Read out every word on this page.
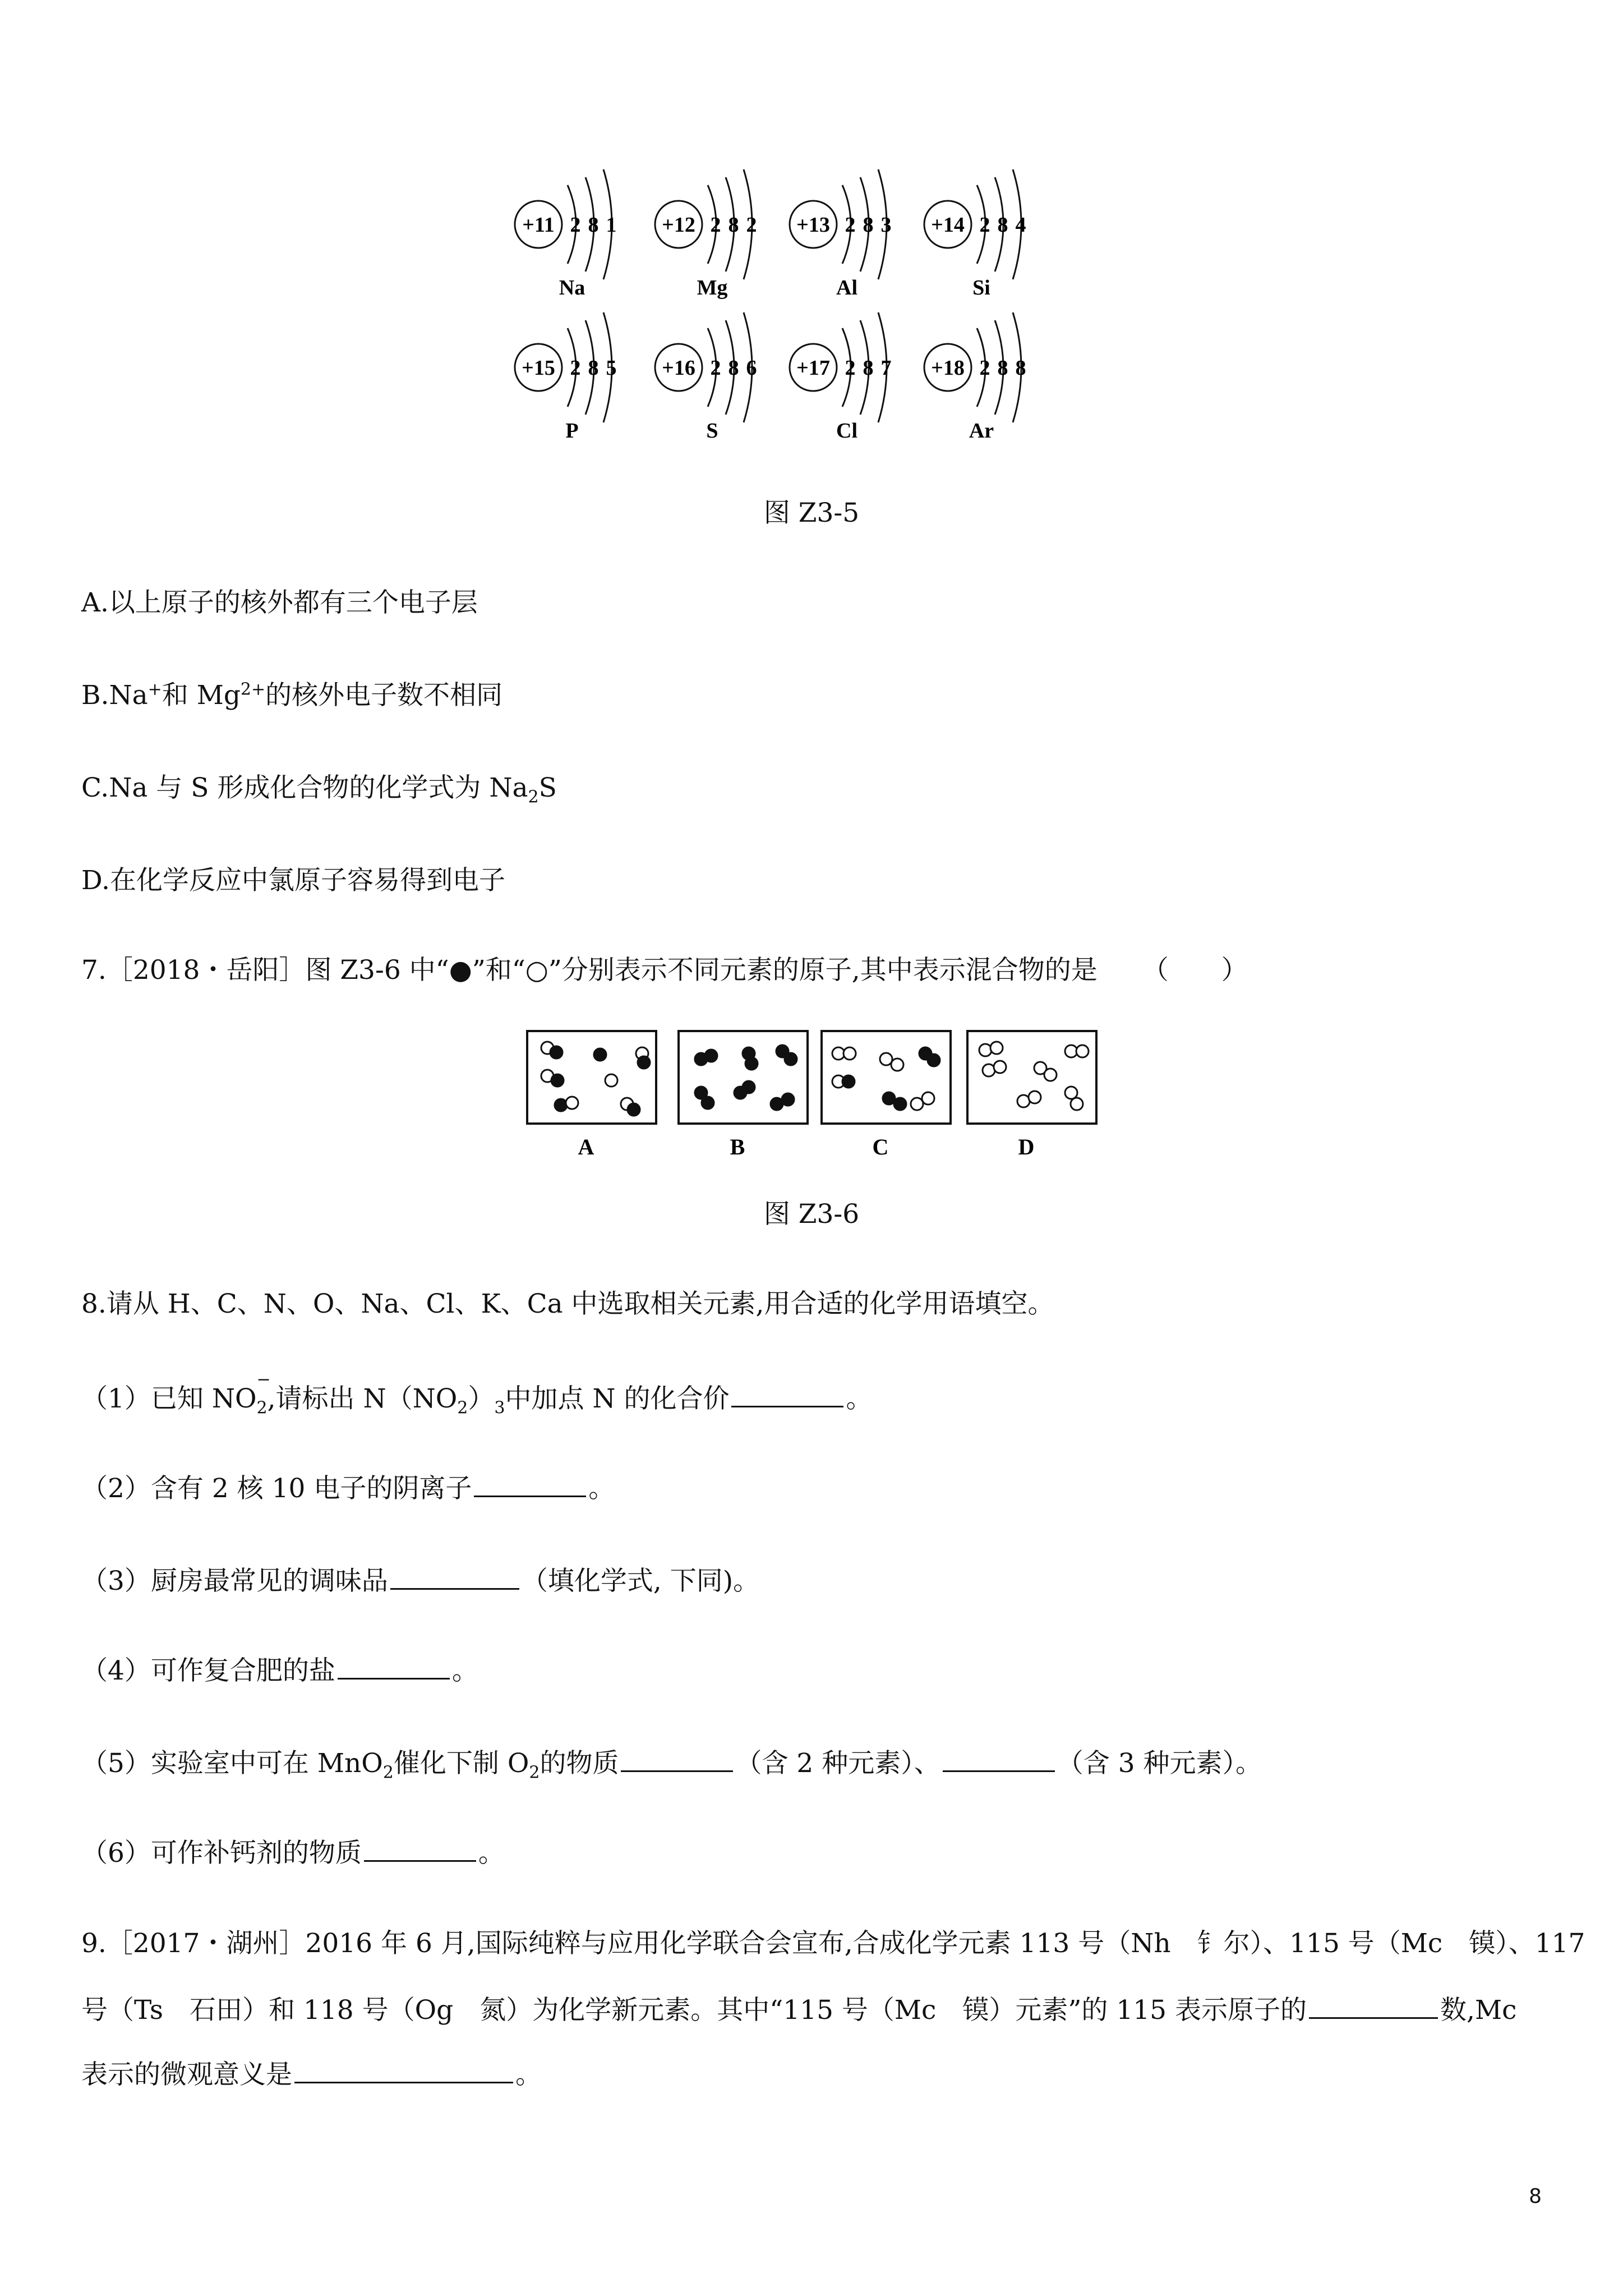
+11 2 8 1
Na
+12 2 8 2
Mg
+13 2 8 3
Al
+14 2 8 4
Si
+15 2 8 5
P
+16 2 8 6
S
+17 2 8 7
Cl
+18 2 8 8
Ar
图 Z3-5
A.以上原子的核外都有三个电子层
B.Na+和 $Mg^{2+}$的核外电子数不相同
C.Na 与 S 形成化合物的化学式为 $Na_2S$
D.在化学反应中氯原子容易得到电子
7.［2018・岳阳］图 Z3-6 中“●”和“○”分别表示不同元素的原子,其中表示混合物的是 （　　）
A	B	C	D
图 Z3-6
8.请从 H、C、N、O、Na、Cl、K、Ca 中选取相关元素,用合适的化学用语填空。
（1）已知 $NO_2$
−
,请标出 $N(NO_2)_3$中加点 N 的化合价	。
（2）含有 2 核 10 电子的阴离子	。
（3）厨房最常见的调味品	（填化学式, 下同)。
（4）可作复合肥的盐	。
（5）实验室中可在 MnO$_2$催化下制 $O_2$的物质	（含 2 种元素）、	（含 3 种元素）。
（6）可作补钙剂的物质	。
9.［2017・湖州］2016 年 6 月,国际纯粹与应用化学联合会宣布,合成化学元素 113 号（Nh　钅尔）、115 号（Mc　镆）、117
号（Ts　石田）和 118 号（Og　氮）为化学新元素。其中“115 号（Mc　镆）元素”的 115 表示原子的	数,Mc
表示的微观意义是	。
8
